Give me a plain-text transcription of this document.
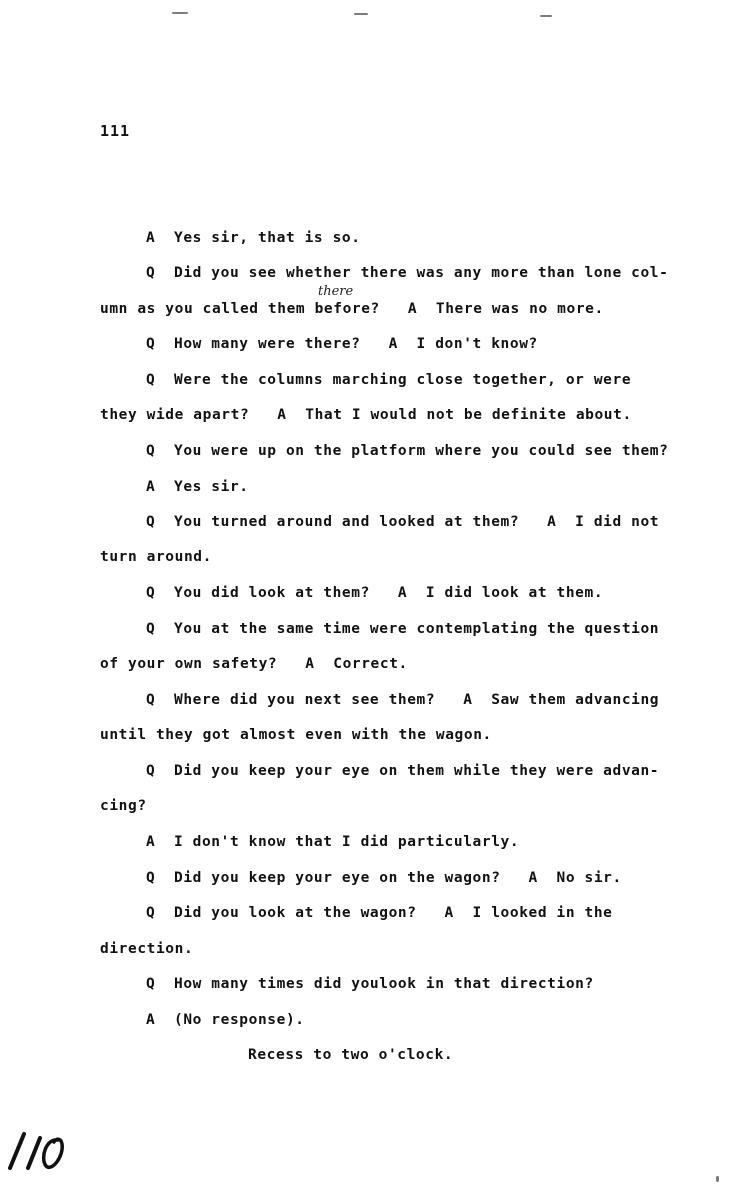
111
there
A  Yes sir, that is so.
Q  Did you see whether there was any more than lone col-
umn as you called them before?   A  There was no more.
Q  How many were there?   A  I don't know?
Q  Were the columns marching close together, or were
they wide apart?   A  That I would not be definite about.
Q  You were up on the platform where you could see them?
A  Yes sir.
Q  You turned around and looked at them?   A  I did not
turn around.
Q  You did look at them?   A  I did look at them.
Q  You at the same time were contemplating the question
of your own safety?   A  Correct.
Q  Where did you next see them?   A  Saw them advancing
until they got almost even with the wagon.
Q  Did you keep your eye on them while they were advan-
cing?
A  I don't know that I did particularly.
Q  Did you keep your eye on the wagon?   A  No sir.
Q  Did you look at the wagon?   A  I looked in the
direction.
Q  How many times did youlook in that direction?
A  (No response).
Recess to two o'clock.
